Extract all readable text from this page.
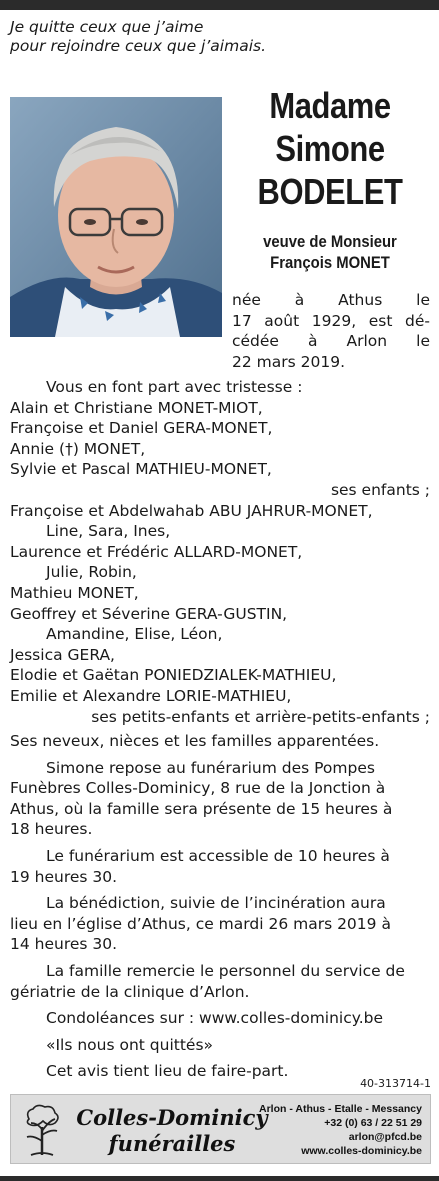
Je quitte ceux que j’aime
pour rejoindre ceux que j’aimais.
Madame
Simone
BODELET
veuve de Monsieur
François MONET
née à Athus le
17 août 1929, est dé-
cédée à Arlon le
22 mars 2019.
Vous en font part avec tristesse :
Alain et Christiane MONET-MIOT,
Françoise et Daniel GERA-MONET,
Annie (†) MONET,
Sylvie et Pascal MATHIEU-MONET,
ses enfants ;
Françoise et Abdelwahab ABU JAHRUR-MONET,
Line, Sara, Ines,
Laurence et Frédéric ALLARD-MONET,
Julie, Robin,
Mathieu MONET,
Geoffrey et Séverine GERA-GUSTIN,
Amandine, Elise, Léon,
Jessica GERA,
Elodie et Gaëtan PONIEDZIALEK-MATHIEU,
Emilie et Alexandre LORIE-MATHIEU,
ses petits-enfants et arrière-petits-enfants ;
Ses neveux, nièces et les familles apparentées.
Simone repose au funérarium des Pompes
Funèbres Colles-Dominicy, 8 rue de la Jonction à
Athus, où la famille sera présente de 15 heures à
18 heures.
Le funérarium est accessible de 10 heures à
19 heures 30.
La bénédiction, suivie de l’incinération aura
lieu en l’église d’Athus, ce mardi 26 mars 2019 à
14 heures 30.
La famille remercie le personnel du service de
gériatrie de la clinique d’Arlon.
Condoléances sur : www.colles-dominicy.be
«Ils nous ont quittés»
Cet avis tient lieu de faire-part.
40-313714-1
Colles-Dominicy
funérailles
Arlon - Athus - Etalle - Messancy
+32 (0) 63 / 22 51 29
arlon@pfcd.be
www.colles-dominicy.be
